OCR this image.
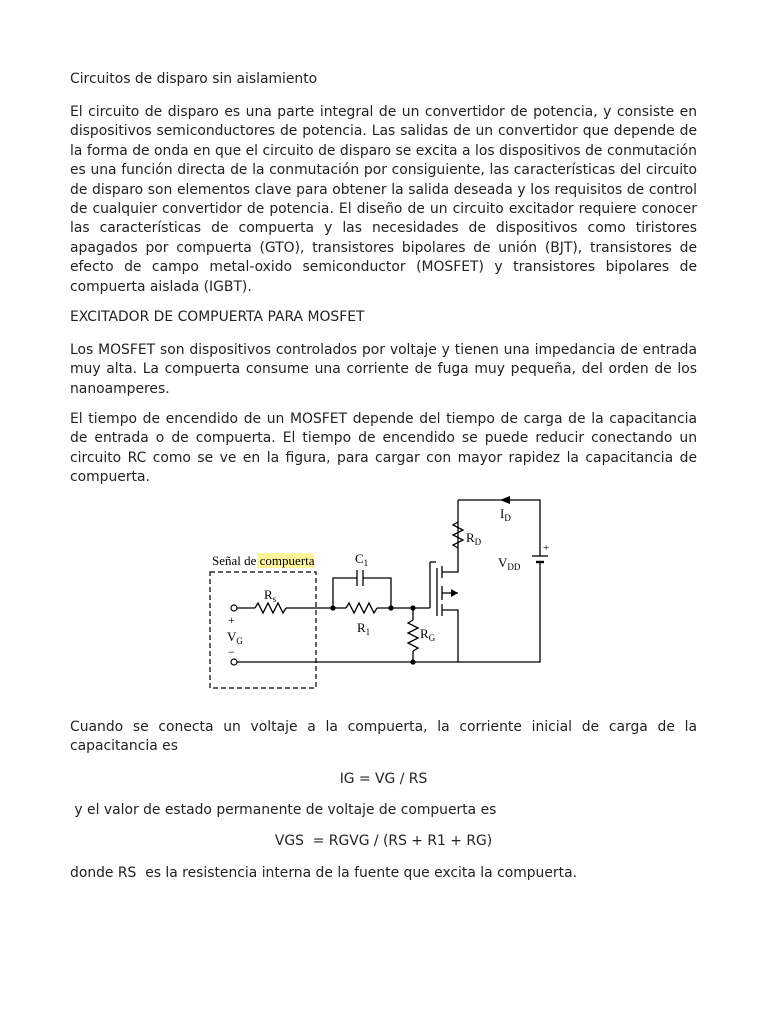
Circuitos de disparo sin aislamiento

El circuito de disparo es una parte integral de un convertidor de potencia, y consiste en dispositivos semiconductores de potencia. Las salidas de un convertidor que depende de la forma de onda en que el circuito de disparo se excita a los dispositivos de conmutación es una función directa de la conmutación por consiguiente, las características del circuito de disparo son elementos clave para obtener la salida deseada y los requisitos de control de cualquier convertidor de potencia. El diseño de un circuito excitador requiere conocer las características de compuerta y las necesidades de dispositivos como tiristores apagados por compuerta (GTO), transistores bipolares de unión (BJT), transistores de efecto de campo metal-oxido semiconductor (MOSFET) y transistores bipolares de compuerta aislada (IGBT).

EXCITADOR DE COMPUERTA PARA MOSFET

Los MOSFET son dispositivos controlados por voltaje y tienen una impedancia de entrada muy alta. La compuerta consume una corriente de fuga muy pequeña, del orden de los nanoamperes.

El tiempo de encendido de un MOSFET depende del tiempo de carga de la capacitancia de entrada o de compuerta. El tiempo de encendido se puede reducir conectando un circuito RC como se ve en la figura, para cargar con mayor rapidez la capacitancia de compuerta.

Señal de compuerta
$R_s$
$C_1$
$R_1$	$R_G$
$R_D$
$I_D$
$V_{DD}$
$V_G$
+
−
+

Cuando se conecta un voltaje a la compuerta, la corriente inicial de carga de la capacitancia es

IG = VG / RS

y el valor de estado permanente de voltaje de compuerta es

VGS  = RGVG / (RS + R1 + RG)

donde RS  es la resistencia interna de la fuente que excita la compuerta.
